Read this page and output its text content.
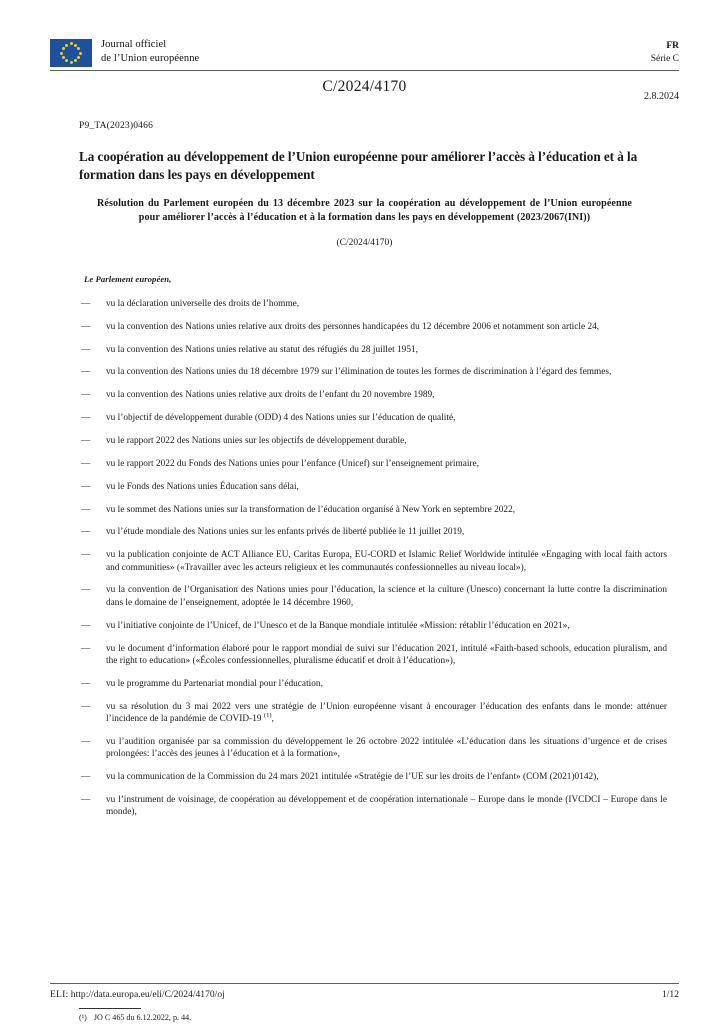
Journal officiel
de l’Union européenne
FR
Série C
C/2024/4170
2.8.2024
P9_TA(2023)0466
La coopération au développement de l’Union européenne pour améliorer l’accès à l’éducation et à la formation dans les pays en développement
Résolution du Parlement européen du 13 décembre 2023 sur la coopération au développement de l’Union européenne pour améliorer l’accès à l’éducation et à la formation dans les pays en développement (2023/2067(INI))
(C/2024/4170)
Le Parlement européen,
— vu la déclaration universelle des droits de l’homme,
— vu la convention des Nations unies relative aux droits des personnes handicapées du 12 décembre 2006 et notamment son article 24,
— vu la convention des Nations unies relative au statut des réfugiés du 28 juillet 1951,
— vu la convention des Nations unies du 18 décembre 1979 sur l’élimination de toutes les formes de discrimination à l’égard des femmes,
— vu la convention des Nations unies relative aux droits de l’enfant du 20 novembre 1989,
— vu l’objectif de développement durable (ODD) 4 des Nations unies sur l’éducation de qualité,
— vu le rapport 2022 des Nations unies sur les objectifs de développement durable,
— vu le rapport 2022 du Fonds des Nations unies pour l’enfance (Unicef) sur l’enseignement primaire,
— vu le Fonds des Nations unies Éducation sans délai,
— vu le sommet des Nations unies sur la transformation de l’éducation organisé à New York en septembre 2022,
— vu l’étude mondiale des Nations unies sur les enfants privés de liberté publiée le 11 juillet 2019,
— vu la publication conjointe de ACT Alliance EU, Caritas Europa, EU-CORD et Islamic Relief Worldwide intitulée «Engaging with local faith actors and communities» («Travailler avec les acteurs religieux et les communautés confessionnelles au niveau local»),
— vu la convention de l’Organisation des Nations unies pour l’éducation, la science et la culture (Unesco) concernant la lutte contre la discrimination dans le domaine de l’enseignement, adoptée le 14 décembre 1960,
— vu l’initiative conjointe de l’Unicef, de l’Unesco et de la Banque mondiale intitulée «Mission: rétablir l’éducation en 2021»,
— vu le document d’information élaboré pour le rapport mondial de suivi sur l’éducation 2021, intitulé «Faith-based schools, education pluralism, and the right to education» («Écoles confessionnelles, pluralisme éducatif et droit à l’éducation»),
— vu le programme du Partenariat mondial pour l’éducation,
— vu sa résolution du 3 mai 2022 vers une stratégie de l’Union européenne visant à encourager l’éducation des enfants dans le monde: atténuer l’incidence de la pandémie de COVID-19 $^{(1)}$,
— vu l’audition organisée par sa commission du développement le 26 octobre 2022 intitulée «L’éducation dans les situations d’urgence et de crises prolongées: l’accès des jeunes à l’éducation et à la formation»,
— vu la communication de la Commission du 24 mars 2021 intitulée «Stratégie de l’UE sur les droits de l’enfant» (COM (2021)0142),
— vu l’instrument de voisinage, de coopération au développement et de coopération internationale – Europe dans le monde (IVCDCI – Europe dans le monde),
(¹) JO C 465 du 6.12.2022, p. 44.
ELI: http://data.europa.eu/eli/C/2024/4170/oj	1/12
